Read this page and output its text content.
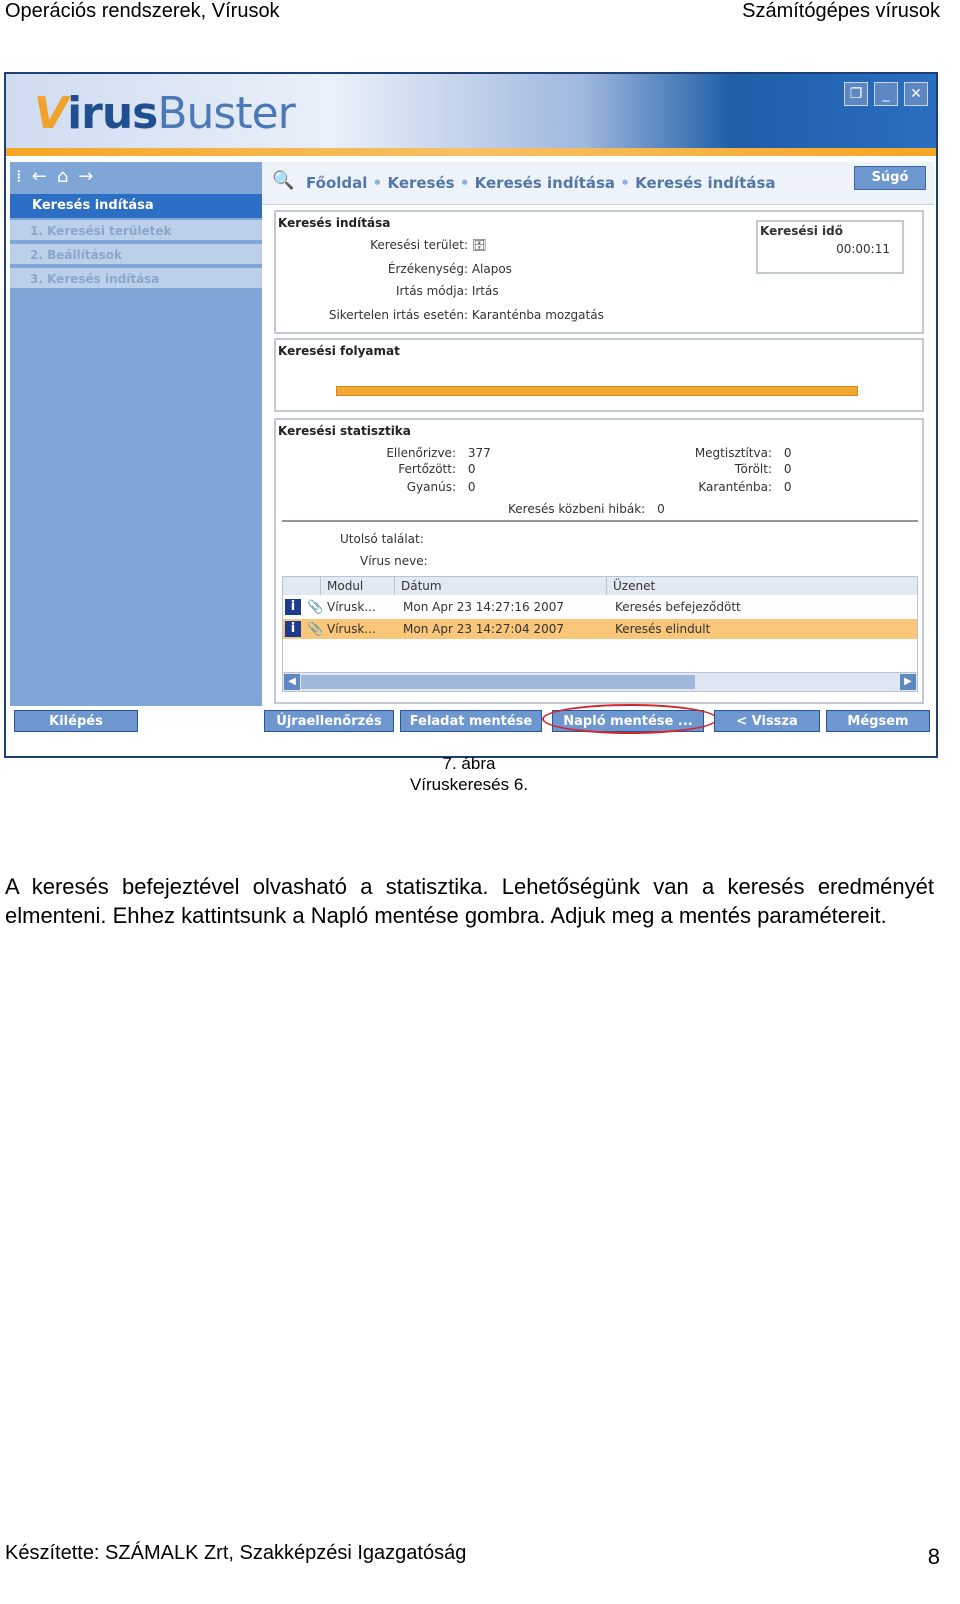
Operációs rendszerek, Vírusok	Számítógépes vírusok
VirusBuster	❐	_	✕
⁞←⌂→
Keresés indítása
1. Keresési területek
2. Beállítások
3. Keresés indítása
🔍 Főoldal • Keresés • Keresés indítása • Keresés indítása	Súgó
Keresés indítása
Keresési terület: 🗄
Érzékenység: Alapos
Irtás módja: Irtás
Sikertelen irtás esetén: Karanténba mozgatás
Keresési idő
00:00:11
Keresési folyamat
Keresési statisztika
Ellenőrizve: 377
Fertőzött: 0
Gyanús: 0
Megtisztítva: 0
Törölt: 0
Karanténba: 0
Keresés közbeni hibák: 0
Utolsó találat:
Vírus neve:
Modul	Dátum	Üzenet
i 📎 Vírusk... Mon Apr 23 14:27:16 2007	Keresés befejeződött
i 📎 Vírusk... Mon Apr 23 14:27:04 2007	Keresés elindult
◀	▶
Kilépés	Újraellenőrzés	Feladat mentése	Napló mentése ...	< Vissza	Mégsem
7. ábra
Víruskeresés 6.
A keresés befejeztével olvasható a statisztika. Lehetőségünk van a keresés eredményét elmenteni. Ehhez kattintsunk a Napló mentése gombra. Adjuk meg a mentés paramétereit.
Készítette: SZÁMALK Zrt, Szakképzési Igazgatóság	8
